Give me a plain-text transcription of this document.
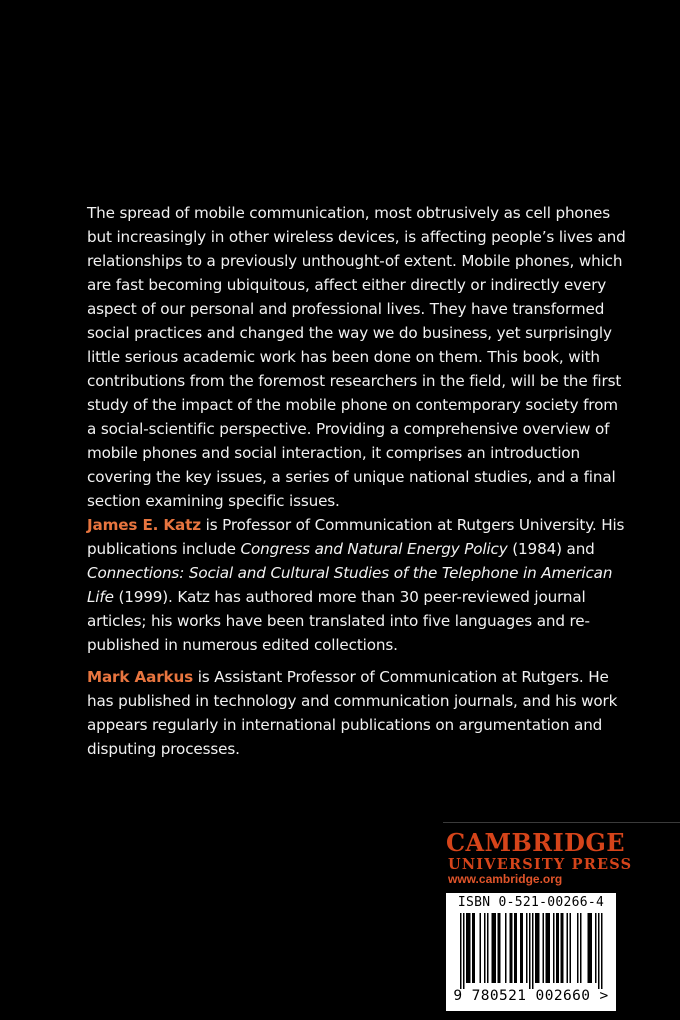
The spread of mobile communication, most obtrusively as cell phones but increasingly in other wireless devices, is affecting people’s lives and relationships to a previously unthought-of extent. Mobile phones, which are fast becoming ubiquitous, affect either directly or indirectly every aspect of our personal and professional lives. They have transformed social practices and changed the way we do business, yet surprisingly little serious academic work has been done on them. This book, with contributions from the foremost researchers in the field, will be the first study of the impact of the mobile phone on contemporary society from a social-scientific perspective. Providing a comprehensive overview of mobile phones and social interaction, it comprises an introduction covering the key issues, a series of unique national studies, and a final section examining specific issues.

James E. Katz is Professor of Communication at Rutgers University. His publications include Congress and Natural Energy Policy (1984) and Connections: Social and Cultural Studies of the Telephone in American Life (1999). Katz has authored more than 30 peer-reviewed journal articles; his works have been translated into five languages and re-published in numerous edited collections.

Mark Aarkus is Assistant Professor of Communication at Rutgers. He has published in technology and communication journals, and his work appears regularly in international publications on argumentation and disputing processes.

CAMBRIDGE
UNIVERSITY PRESS
www.cambridge.org
ISBN 0-521-00266-4
9 780521 002660 >
